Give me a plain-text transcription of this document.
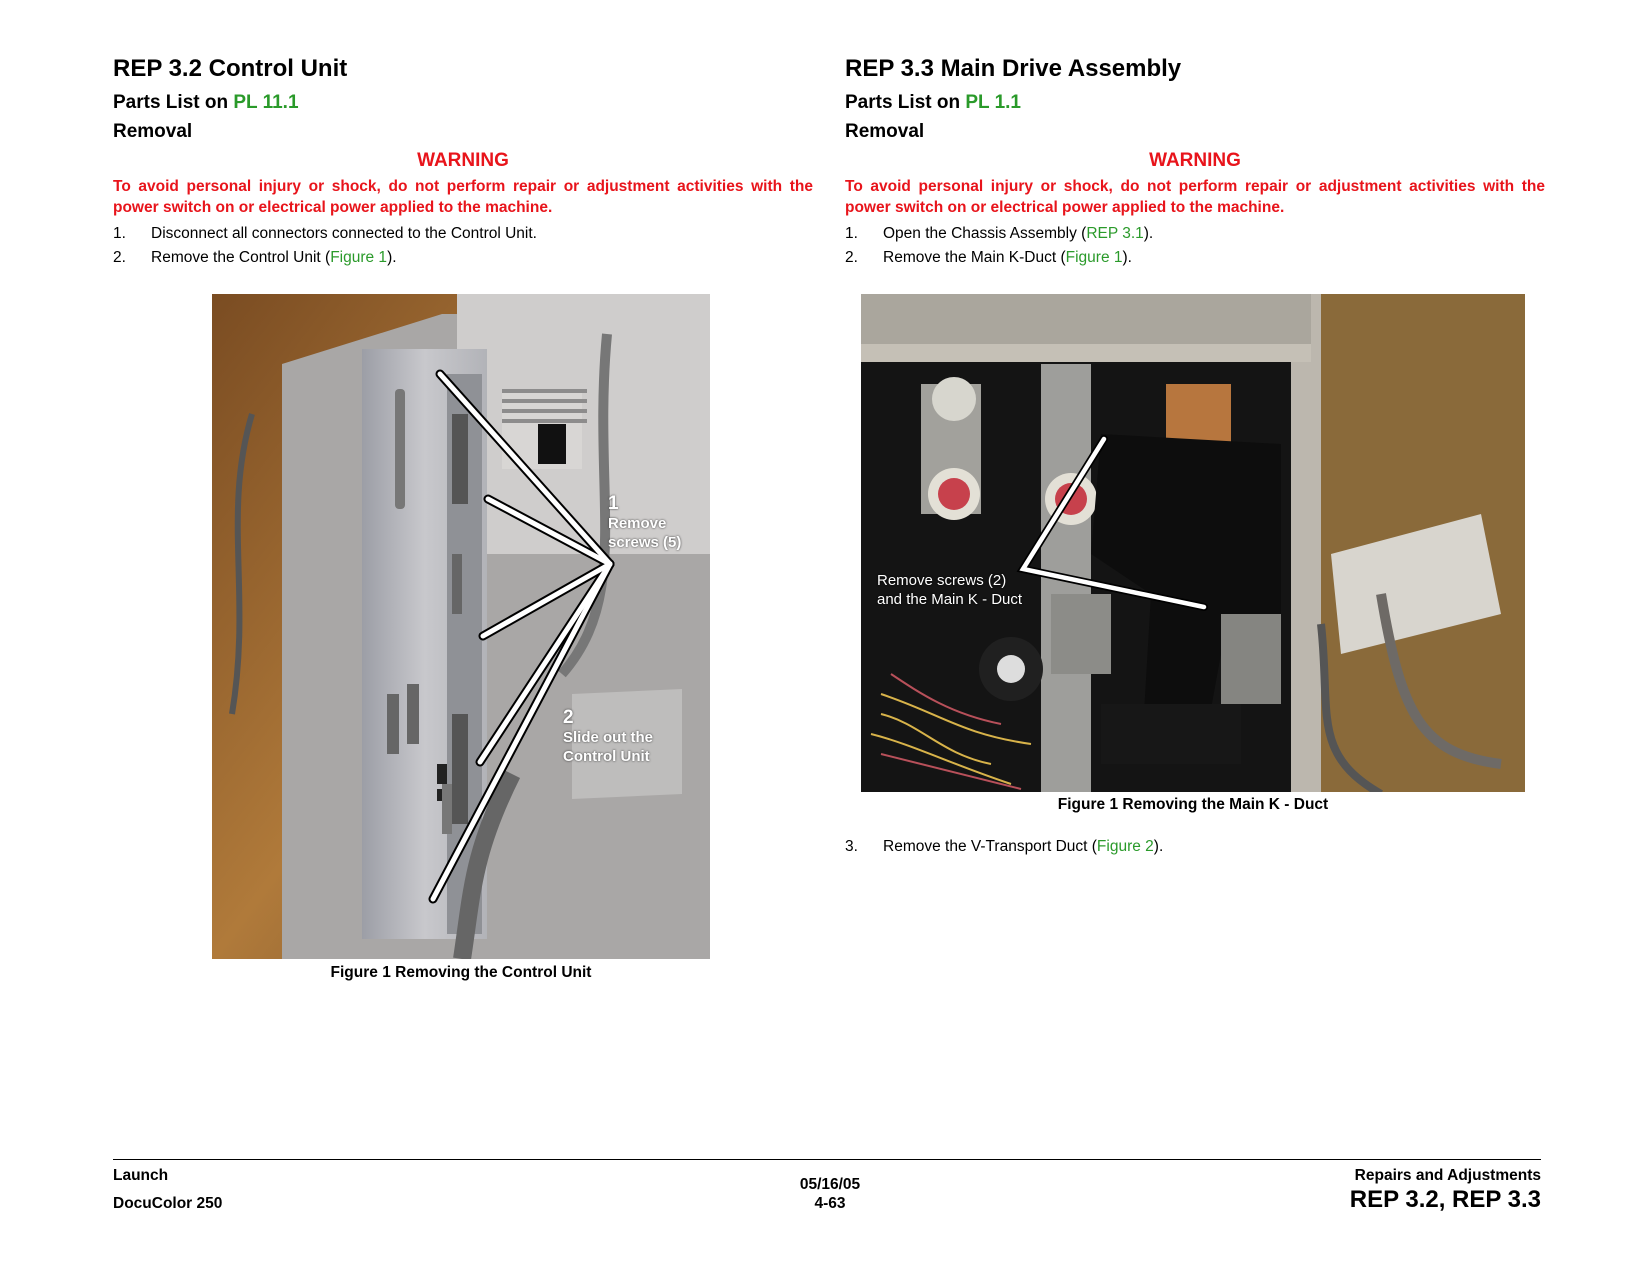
REP 3.2 Control Unit
Parts List on PL 11.1
Removal

WARNING

To avoid personal injury or shock, do not perform repair or adjustment activities with the power switch on or electrical power applied to the machine.

1.	Disconnect all connectors connected to the Control Unit.
2.	Remove the Control Unit (Figure 1).
1
Remove screws (5)
2
Slide out the Control Unit
Figure 1 Removing the Control Unit
REP 3.3 Main Drive Assembly
Parts List on PL 1.1
Removal

WARNING

To avoid personal injury or shock, do not perform repair or adjustment activities with the power switch on or electrical power applied to the machine.

1.	Open the Chassis Assembly (REP 3.1).
2.	Remove the Main K-Duct (Figure 1).
Remove screws (2) and the Main K - Duct
Figure 1 Removing the Main K - Duct
3.	Remove the V-Transport Duct (Figure 2).
Launch
DocuColor 250
05/16/05
4-63
Repairs and Adjustments
REP 3.2, REP 3.3
